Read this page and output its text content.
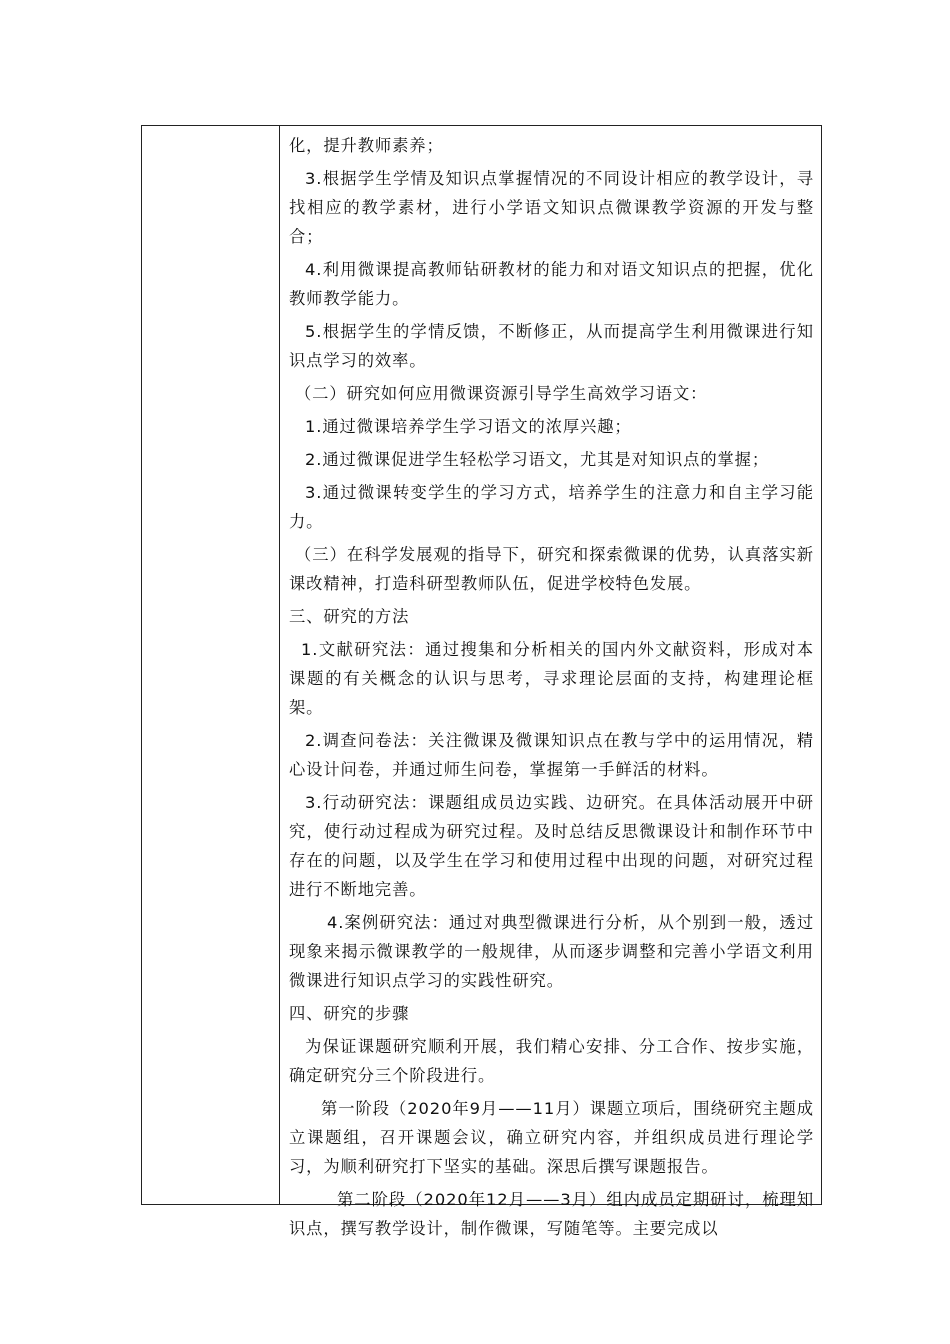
化，提升教师素养；

3.根据学生学情及知识点掌握情况的不同设计相应的教学设计，寻找相应的教学素材，进行小学语文知识点微课教学资源的开发与整合；

4.利用微课提高教师钻研教材的能力和对语文知识点的把握，优化教师教学能力。

5.根据学生的学情反馈，不断修正，从而提高学生利用微课进行知识点学习的效率。

（二）研究如何应用微课资源引导学生高效学习语文：

1.通过微课培养学生学习语文的浓厚兴趣；

2.通过微课促进学生轻松学习语文，尤其是对知识点的掌握；

3.通过微课转变学生的学习方式，培养学生的注意力和自主学习能力。

（三）在科学发展观的指导下，研究和探索微课的优势，认真落实新课改精神，打造科研型教师队伍，促进学校特色发展。

三、研究的方法

1.文献研究法：通过搜集和分析相关的国内外文献资料，形成对本课题的有关概念的认识与思考，寻求理论层面的支持，构建理论框架。

2.调查问卷法：关注微课及微课知识点在教与学中的运用情况，精心设计问卷，并通过师生问卷，掌握第一手鲜活的材料。

3.行动研究法：课题组成员边实践、边研究。在具体活动展开中研究，使行动过程成为研究过程。及时总结反思微课设计和制作环节中存在的问题，以及学生在学习和使用过程中出现的问题，对研究过程进行不断地完善。

4.案例研究法：通过对典型微课进行分析，从个别到一般，透过现象来揭示微课教学的一般规律，从而逐步调整和完善小学语文利用微课进行知识点学习的实践性研究。

四、研究的步骤

为保证课题研究顺利开展，我们精心安排、分工合作、按步实施，确定研究分三个阶段进行。

第一阶段（2020年9月——11月）课题立项后，围绕研究主题成立课题组，召开课题会议，确立研究内容，并组织成员进行理论学习，为顺利研究打下坚实的基础。深思后撰写课题报告。

第二阶段（2020年12月——3月）组内成员定期研讨，梳理知识点，撰写教学设计，制作微课，写随笔等。主要完成以
